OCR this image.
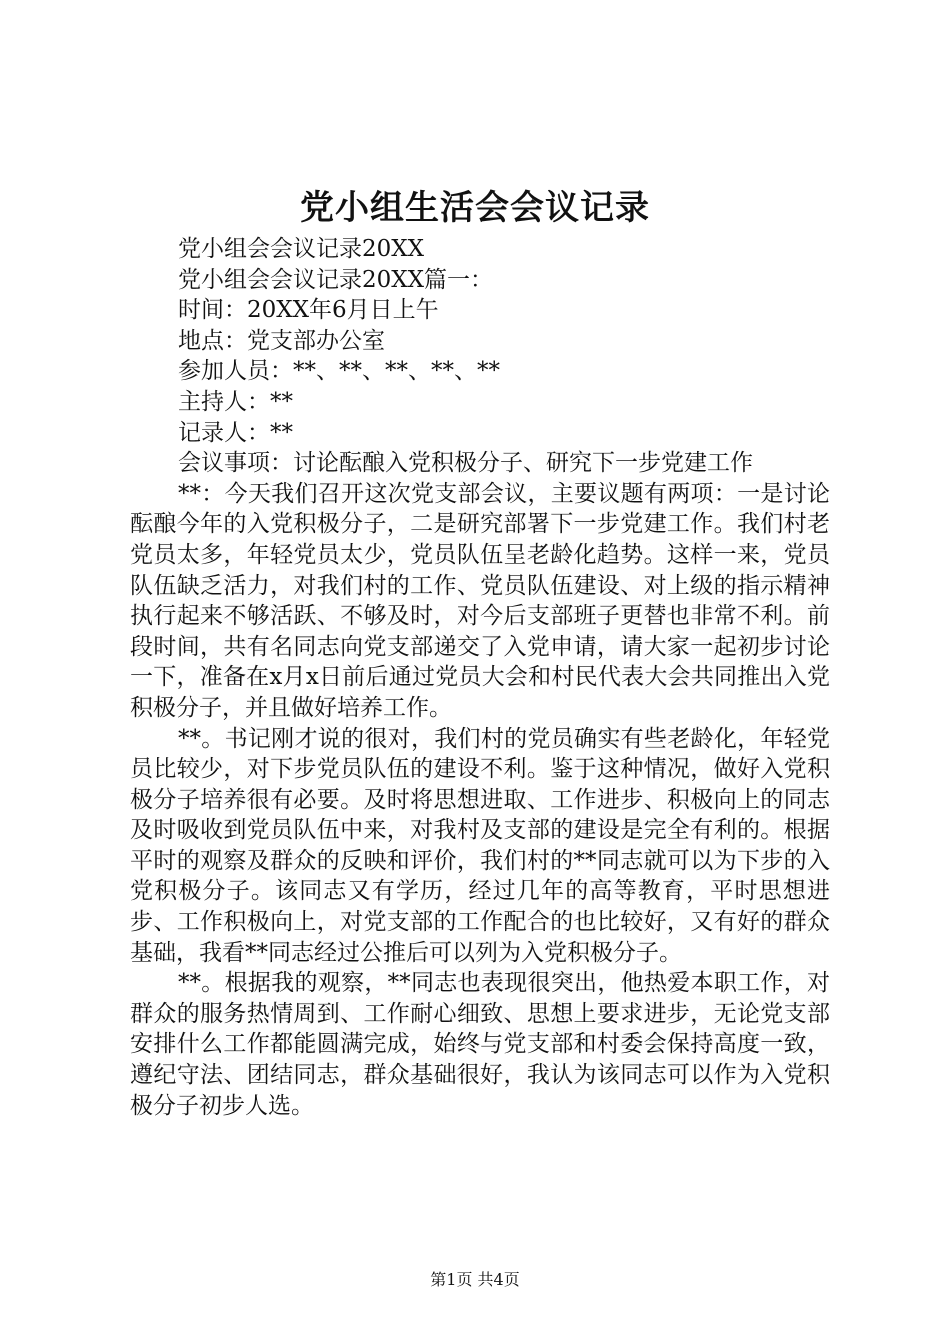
党小组生活会会议记录

党小组会会议记录20XX

党小组会会议记录20XX篇一：

时间：20XX年6月日上午

地点：党支部办公室

参加人员：**、**、**、**、**

主持人：**

记录人：**

会议事项：讨论酝酿入党积极分子、研究下一步党建工作

**：今天我们召开这次党支部会议，主要议题有两项：一是讨论酝酿今年的入党积极分子，二是研究部署下一步党建工作。我们村老党员太多，年轻党员太少，党员队伍呈老龄化趋势。这样一来，党员队伍缺乏活力，对我们村的工作、党员队伍建设、对上级的指示精神执行起来不够活跃、不够及时，对今后支部班子更替也非常不利。前段时间，共有名同志向党支部递交了入党申请，请大家一起初步讨论一下，准备在x月x日前后通过党员大会和村民代表大会共同推出入党积极分子，并且做好培养工作。

**。书记刚才说的很对，我们村的党员确实有些老龄化，年轻党员比较少，对下步党员队伍的建设不利。鉴于这种情况，做好入党积极分子培养很有必要。及时将思想进取、工作进步、积极向上的同志及时吸收到党员队伍中来，对我村及支部的建设是完全有利的。根据平时的观察及群众的反映和评价，我们村的**同志就可以为下步的入党积极分子。该同志又有学历，经过几年的高等教育，平时思想进步、工作积极向上，对党支部的工作配合的也比较好，又有好的群众基础，我看**同志经过公推后可以列为入党积极分子。

**。根据我的观察，**同志也表现很突出，他热爱本职工作，对群众的服务热情周到、工作耐心细致、思想上要求进步，无论党支部安排什么工作都能圆满完成，始终与党支部和村委会保持高度一致，遵纪守法、团结同志，群众基础很好，我认为该同志可以作为入党积极分子初步人选。

第1页 共4页
